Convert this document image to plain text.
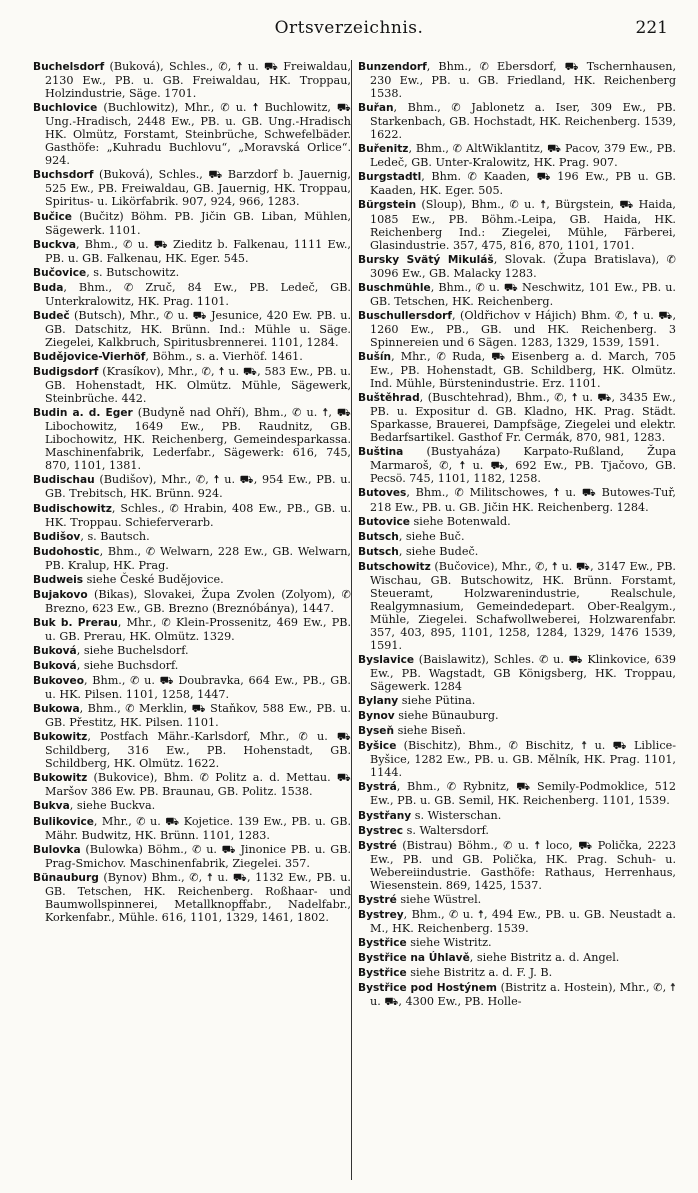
Ortsverzeichnis.	221

Buchelsdorf (Buková), Schles., ✆, ☨ u. ⛟ Freiwaldau, 2130 Ew., PB. u. GB. Freiwaldau, HK. Troppau, Holzindustrie, Säge. 1701.

Buchlovice (Buchlowitz), Mhr., ✆ u. ☨ Buchlowitz, ⛟ Ung.-Hradisch, 2448 Ew., PB. u. GB. Ung.-Hradisch HK. Olmütz, Forstamt, Steinbrüche, Schwefelbäder. Gasthöfe: „Kuhradu Buchlovu“, „Moravská Orlice“. 924.

Buchsdorf (Buková), Schles., ⛟ Barzdorf b. Jauernig, 525 Ew., PB. Freiwaldau, GB. Jauernig, HK. Troppau, Spiritus- u. Likörfabrik. 907, 924, 966, 1283.

Bučice (Bučitz) Böhm. PB. Jičin GB. Liban, Mühlen, Sägewerk. 1101.

Buckva, Bhm., ✆ u. ⛟ Zieditz b. Falkenau, 1111 Ew., PB. u. GB. Falkenau, HK. Eger. 545.

Bučovice, s. Butschowitz.

Buda, Bhm., ✆ Zruč, 84 Ew., PB. Ledeč, GB. Unterkralowitz, HK. Prag. 1101.

Budeč (Butsch), Mhr., ✆ u. ⛟ Jesunice, 420 Ew. PB. u. GB. Datschitz, HK. Brünn. Ind.: Mühle u. Säge. Ziegelei, Kalkbruch, Spiritusbrennerei. 1101, 1284.

Budějovice-Vierhöf, Böhm., s. a. Vierhöf. 1461.

Budigsdorf (Krasíkov), Mhr., ✆, ☨ u. ⛟, 583 Ew., PB. u. GB. Hohenstadt, HK. Olmütz. Mühle, Sägewerk, Steinbrüche. 442.

Budin a. d. Eger (Budyně nad Ohří), Bhm., ✆ u. ☨, ⛟ Libochowitz, 1649 Ew., PB. Raudnitz, GB. Libochowitz, HK. Reichenberg, Gemeindesparkassa. Maschinenfabrik, Lederfabr., Sägewerk: 616, 745, 870, 1101, 1381.

Budischau (Budišov), Mhr., ✆, ☨ u. ⛟, 954 Ew., PB. u. GB. Trebitsch, HK. Brünn. 924.

Budischowitz, Schles., ✆ Hrabin, 408 Ew., PB., GB. u. HK. Troppau. Schieferverarb.

Budišov, s. Bautsch.

Budohostic, Bhm., ✆ Welwarn, 228 Ew., GB. Welwarn, PB. Kralup, HK. Prag.

Budweis siehe České Budějovice.

Bujakovo (Bikas), Slovakei, Župa Zvolen (Zolyom), ✆ Brezno, 623 Ew., GB. Brezno (Breznóbánya), 1447.

Buk b. Prerau, Mhr., ✆ Klein-Prossenitz, 469 Ew., PB. u. GB. Prerau, HK. Olmütz. 1329.

Buková, siehe Buchelsdorf.

Buková, siehe Buchsdorf.

Bukoveo, Bhm., ✆ u. ⛟ Doubravka, 664 Ew., PB., GB. u. HK. Pilsen. 1101, 1258, 1447.

Bukowa, Bhm., ✆ Merklin, ⛟ Staňkov, 588 Ew., PB. u. GB. Přestitz, HK. Pilsen. 1101.

Bukowitz, Postfach Mähr.-Karlsdorf, Mhr., ✆ u. ⛟ Schildberg, 316 Ew., PB. Hohenstadt, GB. Schildberg, HK. Olmütz. 1622.

Bukowitz (Bukovice), Bhm. ✆ Politz a. d. Mettau. ⛟ Maršov 386 Ew. PB. Braunau, GB. Politz. 1538.

Bukva, siehe Buckva.

Bulikovice, Mhr., ✆ u. ⛟ Kojetice. 139 Ew., PB. u. GB. Mähr. Budwitz, HK. Brünn. 1101, 1283.

Bulovka (Bulowka) Böhm., ✆ u. ⛟ Jinonice PB. u. GB. Prag-Smichov. Maschinenfabrik, Ziegelei. 357.

Bünauburg (Bynov) Bhm., ✆, ☨ u. ⛟, 1132 Ew., PB. u. GB. Tetschen, HK. Reichenberg. Roßhaar- und Baumwollspinnerei, Metallknopffabr., Nadelfabr., Korkenfabr., Mühle. 616, 1101, 1329, 1461, 1802.

Bunzendorf, Bhm., ✆ Ebersdorf, ⛟ Tschernhausen, 230 Ew., PB. u. GB. Friedland, HK. Reichenberg 1538.

Buřan, Bhm., ✆ Jablonetz a. Iser, 309 Ew., PB. Starkenbach, GB. Hochstadt, HK. Reichenberg. 1539, 1622.

Buřenitz, Bhm., ✆ AltWiklantitz, ⛟ Pacov, 379 Ew., PB. Ledeč, GB. Unter-Kralowitz, HK. Prag. 907.

Burgstadtl, Bhm. ✆ Kaaden, ⛟ 196 Ew., PB u. GB. Kaaden, HK. Eger. 505.

Bürgstein (Sloup), Bhm., ✆ u. ☨, Bürgstein, ⛟ Haida, 1085 Ew., PB. Böhm.-Leipa, GB. Haida, HK. Reichenberg Ind.: Ziegelei, Mühle, Färberei, Glasindustrie. 357, 475, 816, 870, 1101, 1701.

Bursky Svätý Mikuláš, Slovak. (Župa Bratislava), ✆ 3096 Ew., GB. Malacky 1283.

Buschmühle, Bhm., ✆ u. ⛟ Neschwitz, 101 Ew., PB. u. GB. Tetschen, HK. Reichenberg.

Buschullersdorf, (Oldřichov v Hájich) Bhm. ✆, ☨ u. ⛟, 1260 Ew., PB., GB. und HK. Reichenberg. 3 Spinnereien und 6 Sägen. 1283, 1329, 1539, 1591.

Bušín, Mhr., ✆ Ruda, ⛟ Eisenberg a. d. March, 705 Ew., PB. Hohenstadt, GB. Schildberg, HK. Olmütz. Ind. Mühle, Bürstenindustrie. Erz. 1101.

Buštěhrad, (Buschtehrad), Bhm., ✆, ☨ u. ⛟, 3435 Ew., PB. u. Expositur d. GB. Kladno, HK. Prag. Städt. Sparkasse, Brauerei, Dampfsäge, Ziegelei und elektr. Bedarfsartikel. Gasthof Fr. Cermák, 870, 981, 1283.

Buština (Bustyaháza) Karpato-Rußland, Župa Marmaroš, ✆, ☨ u. ⛟, 692 Ew., PB. Tjačovo, GB. Pecsö. 745, 1101, 1182, 1258.

Butoves, Bhm., ✆ Militschowes, ☨ u. ⛟ Butowes-Tuř, 218 Ew., PB. u. GB. Jičin HK. Reichenberg. 1284.

Butovice siehe Botenwald.

Butsch, siehe Buč.

Butsch, siehe Budeč.

Butschowitz (Bučovice), Mhr., ✆, ☨ u. ⛟, 3147 Ew., PB. Wischau, GB. Butschowitz, HK. Brünn. Forstamt, Steueramt, Holzwarenindustrie, Realschule, Realgymnasium, Gemeindedepart. Ober-Realgym., Mühle, Ziegelei. Schafwollweberei, Holzwarenfabr. 357, 403, 895, 1101, 1258, 1284, 1329, 1476 1539, 1591.

Byslavice (Baislawitz), Schles. ✆ u. ⛟ Klinkovice, 639 Ew., PB. Wagstadt, GB Königsberg, HK. Troppau, Sägewerk. 1284

Bylany siehe Pütina.

Bynov siehe Bünauburg.

Byseň siehe Biseň.

Byšice (Bischitz), Bhm., ✆ Bischitz, ☨ u. ⛟ Liblice-Byšice, 1282 Ew., PB. u. GB. Mělník, HK. Prag. 1101, 1144.

Bystrá, Bhm., ✆ Rybnitz, ⛟ Semily-Podmoklice, 512 Ew., PB. u. GB. Semil, HK. Reichenberg. 1101, 1539.

Bystřany s. Wisterschan.

Bystrec s. Waltersdorf.

Bystré (Bistrau) Böhm., ✆ u. ☨ loco, ⛟ Polička, 2223 Ew., PB. und GB. Polička, HK. Prag. Schuh- u. Webereiindustrie. Gasthöfe: Rathaus, Herrenhaus, Wiesenstein. 869, 1425, 1537.

Bystré siehe Wüstrel.

Bystrey, Bhm., ✆ u. ☨, 494 Ew., PB. u. GB. Neustadt a. M., HK. Reichenberg. 1539.

Bystřice siehe Wistritz.

Bystřice na Úhlavě, siehe Bistritz a. d. Angel.

Bystřice siehe Bistritz a. d. F. J. B.

Bystřice pod Hostýnem (Bistritz a. Hostein), Mhr., ✆, ☨ u. ⛟, 4300 Ew., PB. Holle-
